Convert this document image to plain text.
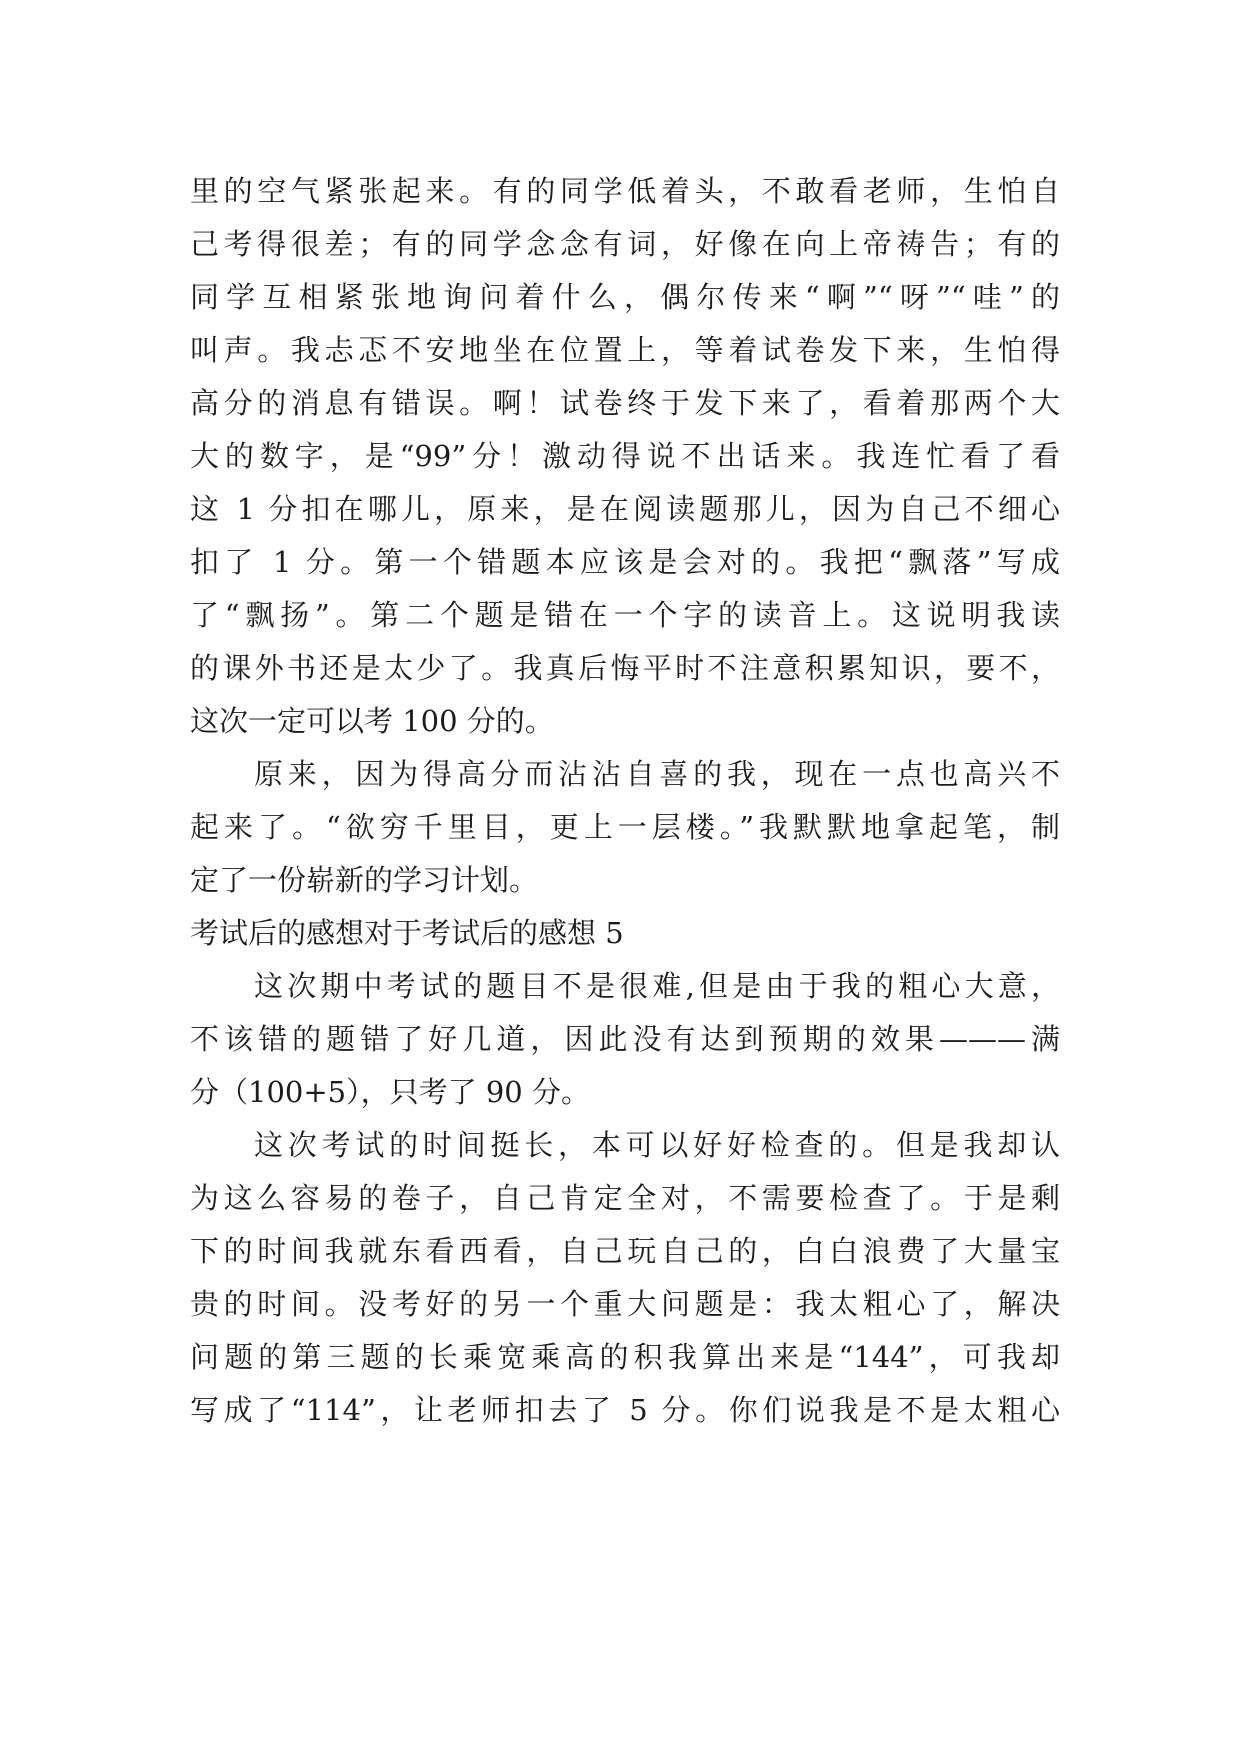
里的空气紧张起来。有的同学低着头，不敢看老师，生怕自
己考得很差；有的同学念念有词，好像在向上帝祷告；有的
同学互相紧张地询问着什么，偶尔传来“啊”“呀”“哇”的
叫声。我忐忑不安地坐在位置上，等着试卷发下来，生怕得
高分的消息有错误。啊！试卷终于发下来了，看着那两个大
大的数字，是“99”分！激动得说不出话来。我连忙看了看
这 1 分扣在哪儿，原来，是在阅读题那儿，因为自己不细心
扣了 1 分。第一个错题本应该是会对的。我把“飘落”写成
了“飘扬”。第二个题是错在一个字的读音上。这说明我读
的课外书还是太少了。我真后悔平时不注意积累知识，要不，
这次一定可以考 100 分的。
原来，因为得高分而沾沾自喜的我，现在一点也高兴不
起来了。“欲穷千里目，更上一层楼。”我默默地拿起笔，制
定了一份崭新的学习计划。
考试后的感想对于考试后的感想 5
这次期中考试的题目不是很难,但是由于我的粗心大意，
不该错的题错了好几道，因此没有达到预期的效果———满
分（100+5），只考了 90 分。
这次考试的时间挺长，本可以好好检查的。但是我却认
为这么容易的卷子，自己肯定全对，不需要检查了。于是剩
下的时间我就东看西看，自己玩自己的，白白浪费了大量宝
贵的时间。没考好的另一个重大问题是：我太粗心了，解决
问题的第三题的长乘宽乘高的积我算出来是“144”，可我却
写成了“114”，让老师扣去了 5 分。你们说我是不是太粗心
